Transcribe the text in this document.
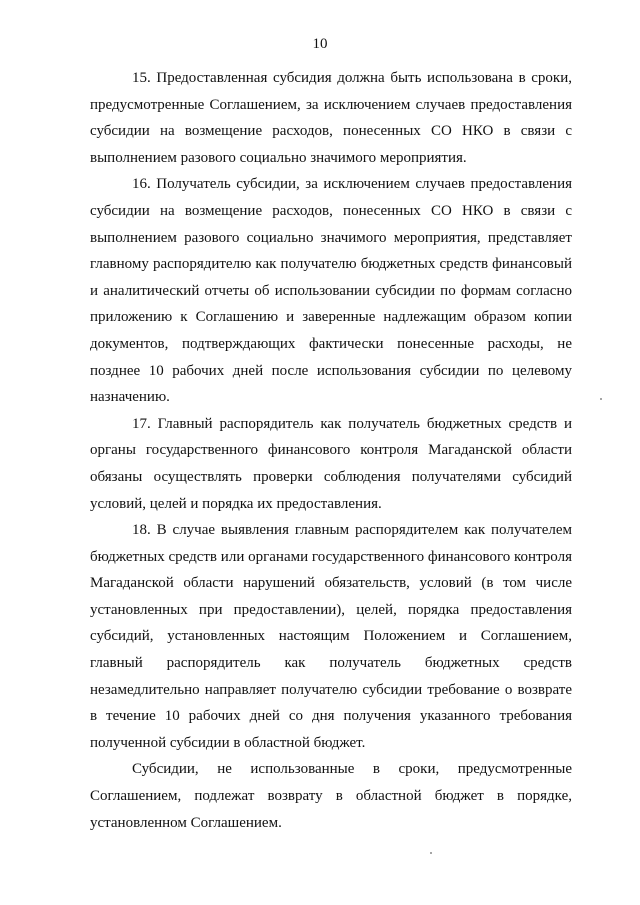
10

15. Предоставленная субсидия должна быть использована в сроки, предусмотренные Соглашением, за исключением случаев предоставления субсидии на возмещение расходов, понесенных СО НКО в связи с выполнением разового социально значимого мероприятия.

16. Получатель субсидии, за исключением случаев предоставления субсидии на возмещение расходов, понесенных СО НКО в связи с выполнением разового социально значимого мероприятия, представляет главному распорядителю как получателю бюджетных средств финансовый и аналитический отчеты об использовании субсидии по формам согласно приложению к Соглашению и заверенные надлежащим образом копии документов, подтверждающих фактически понесенные расходы, не позднее 10 рабочих дней после использования субсидии по целевому назначению.

17. Главный распорядитель как получатель бюджетных средств и органы государственного финансового контроля Магаданской области обязаны осуществлять проверки соблюдения получателями субсидий условий, целей и порядка их предоставления.

18. В случае выявления главным распорядителем как получателем бюджетных средств или органами государственного финансового контроля Магаданской области нарушений обязательств, условий (в том числе установленных при предоставлении), целей, порядка предоставления субсидий, установленных настоящим Положением и Соглашением, главный распорядитель как получатель бюджетных средств незамедлительно направляет получателю субсидии требование о возврате в течение 10 рабочих дней со дня получения указанного требования полученной субсидии в областной бюджет.

Субсидии, не использованные в сроки, предусмотренные Соглашением, подлежат возврату в областной бюджет в порядке, установленном Соглашением.
